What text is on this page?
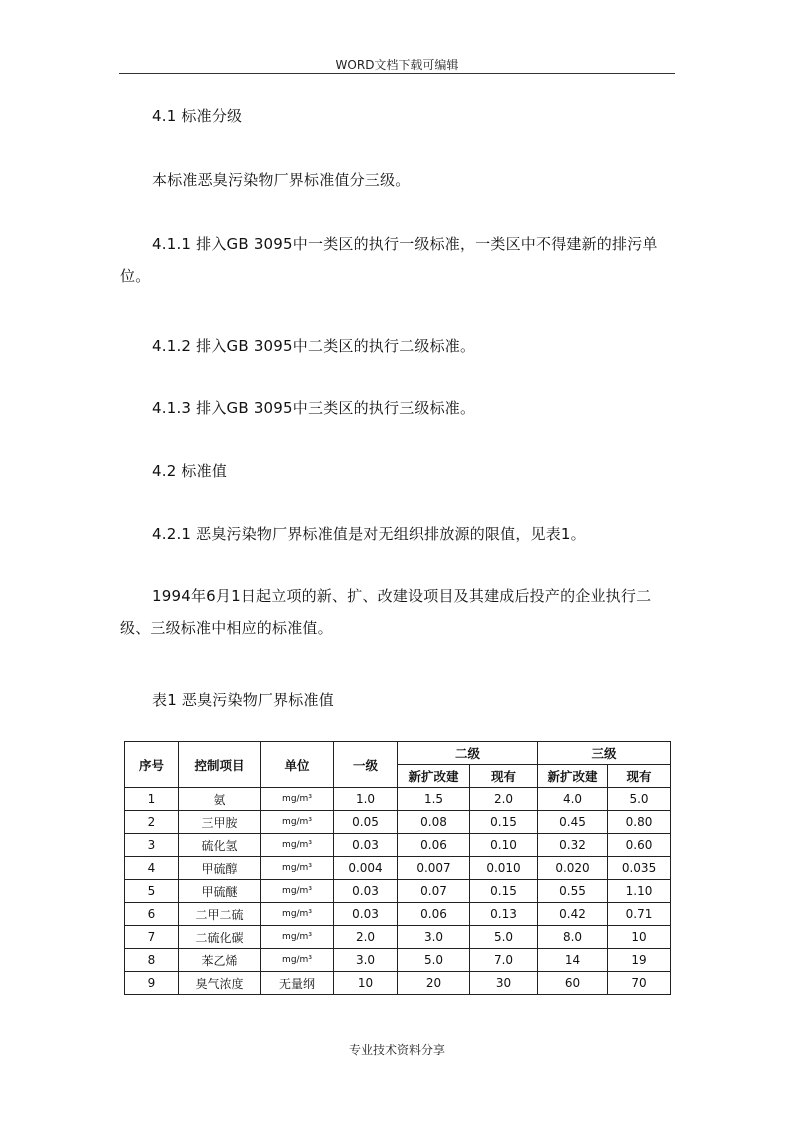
WORD文档下载可编辑
4.1 标准分级
本标准恶臭污染物厂界标准值分三级。
4.1.1 排入GB 3095中一类区的执行一级标准，一类区中不得建新的排污单位。
4.1.2 排入GB 3095中二类区的执行二级标准。
4.1.3 排入GB 3095中三类区的执行三级标准。
4.2 标准值
4.2.1 恶臭污染物厂界标准值是对无组织排放源的限值，见表1。
1994年6月1日起立项的新、扩、改建设项目及其建成后投产的企业执行二级、三级标准中相应的标准值。
表1 恶臭污染物厂界标准值
序号	控制项目	单位	一级	二级		三级	
				新扩改建	现有	新扩改建	现有
1	氨	mg/m³	1.0	1.5	2.0	4.0	5.0
2	三甲胺	mg/m³	0.05	0.08	0.15	0.45	0.80
3	硫化氢	mg/m³	0.03	0.06	0.10	0.32	0.60
4	甲硫醇	mg/m³	0.004	0.007	0.010	0.020	0.035
5	甲硫醚	mg/m³	0.03	0.07	0.15	0.55	1.10
6	二甲二硫	mg/m³	0.03	0.06	0.13	0.42	0.71
7	二硫化碳	mg/m³	2.0	3.0	5.0	8.0	10
8	苯乙烯	mg/m³	3.0	5.0	7.0	14	19
9	臭气浓度	无量纲	10	20	30	60	70
专业技术资料分享
